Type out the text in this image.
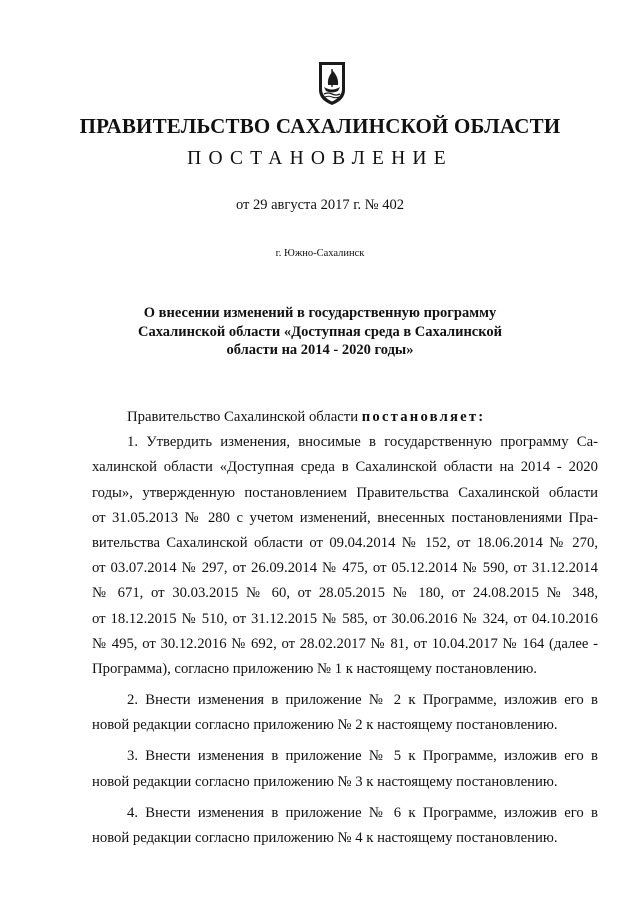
ПРАВИТЕЛЬСТВО САХАЛИНСКОЙ ОБЛАСТИ
ПОСТАНОВЛЕНИЕ
от 29 августа 2017 г. № 402
г. Южно-Сахалинск
О внесении изменений в государственную программу
Сахалинской области «Доступная среда в Сахалинской
области на 2014 - 2020 годы»
Правительство Сахалинской области постановляет:
1. Утвердить изменения, вносимые в государственную программу Са-
халинской области «Доступная среда в Сахалинской области на 2014 - 2020
годы», утвержденную постановлением Правительства Сахалинской области
от 31.05.2013 № 280 с учетом изменений, внесенных постановлениями Пра-
вительства Сахалинской области от 09.04.2014 № 152, от 18.06.2014 № 270,
от 03.07.2014 № 297, от 26.09.2014 № 475, от 05.12.2014 № 590, от 31.12.2014
№ 671, от 30.03.2015 № 60, от 28.05.2015 № 180, от 24.08.2015 № 348,
от 18.12.2015 № 510, от 31.12.2015 № 585, от 30.06.2016 № 324, от 04.10.2016
№ 495, от 30.12.2016 № 692, от 28.02.2017 № 81, от 10.04.2017 № 164 (далее -
Программа), согласно приложению № 1 к настоящему постановлению.
2. Внести изменения в приложение № 2 к Программе, изложив его в
новой редакции согласно приложению № 2 к настоящему постановлению.
3. Внести изменения в приложение № 5 к Программе, изложив его в
новой редакции согласно приложению № 3 к настоящему постановлению.
4. Внести изменения в приложение № 6 к Программе, изложив его в
новой редакции согласно приложению № 4 к настоящему постановлению.
